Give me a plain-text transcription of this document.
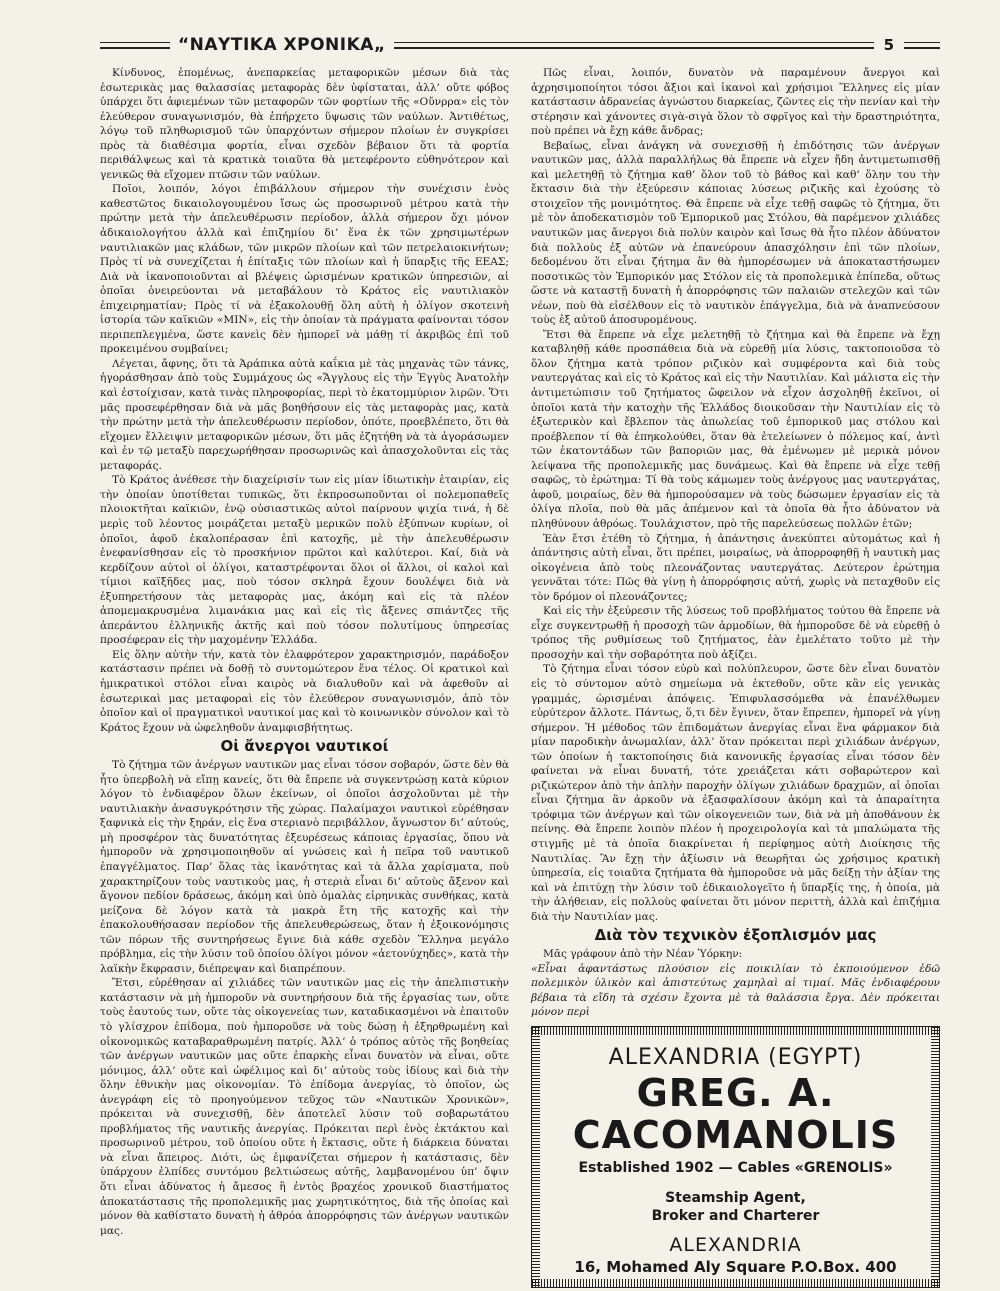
“ΝΑΥΤΙΚΑ ΧΡΟΝΙΚΑ„	5

Κίνδυνος, ἑπομένως, ἀνεπαρκείας μεταφορικῶν μέσων διὰ τὰς ἐσωτερικὰς μας θαλασσίας μεταφορὰς δὲν ὑφίσταται, ἀλλ’ οὔτε φόβος ὑπάρχει ὅτι ἀφιεμένων τῶν μεταφορῶν τῶν φορτίων τῆς «Οὔνρρα» εἰς τὸν ἐλεύθερον συναγωνισμόν, θὰ ἐπήρχετο ὕψωσις τῶν ναύλων. Ἀντιθέτως, λόγῳ τοῦ πληθωρισμοῦ τῶν ὑπαρχόντων σήμερον πλοίων ἐν συγκρίσει πρὸς τὰ διαθέσιμα φορτία, εἶναι σχεδὸν βέβαιον ὅτι τὰ φορτία περιθάλψεως καὶ τὰ κρατικὰ τοιαῦτα θὰ μετεφέροντο εὐθηνότερον καὶ γενικῶς θὰ εἴχομεν πτῶσιν τῶν ναύλων.

Ποῖοι, λοιπόν, λόγοι ἐπιβάλλουν σήμερον τὴν συνέχισιν ἑνὸς καθεστῶτος δικαιολογουμένου ἴσως ὡς προσωρινοῦ μέτρου κατὰ τὴν πρώτην μετὰ τὴν ἀπελευθέρωσιν περίοδον, ἀλλὰ σήμερον ὄχι μόνον ἀδικαιολογήτου ἀλλὰ καὶ ἐπιζημίου δι’ ἕνα ἐκ τῶν χρησιμωτέρων ναυτιλιακῶν μας κλάδων, τῶν μικρῶν πλοίων καὶ τῶν πετρελαιοκινήτων; Πρὸς τί νὰ συνεχίζεται ἡ ἐπίταξις τῶν πλοίων καὶ ἡ ὕπαρξις τῆς ΕΕΑΣ; Διὰ νὰ ἱκανοποιοῦνται αἱ βλέψεις ὡρισμένων κρατικῶν ὑπηρεσιῶν, αἱ ὁποῖαι ὀνειρεύονται νὰ μεταβάλουν τὸ Κράτος εἰς ναυτιλιακὸν ἐπιχειρηματίαν; Πρὸς τί νὰ ἐξακολουθῇ ὅλη αὐτὴ ἡ ὀλίγον σκοτεινὴ ἱστορία τῶν καϊκιῶν «ΜΙΝ», εἰς τὴν ὁποίαν τὰ πράγματα φαίνονται τόσον περιπεπλεγμένα, ὥστε κανεὶς δὲν ἠμπορεῖ νὰ μάθῃ τί ἀκριβῶς ἐπὶ τοῦ προκειμένου συμβαίνει;

Λέγεται, ἄφνης, ὅτι τὰ Ἀράπικα αὐτὰ καΐκια μὲ τὰς μηχανὰς τῶν τάνκς, ἠγοράσθησαν ἀπὸ τοὺς Συμμάχους ὡς «Ἄγγλους εἰς τὴν Ἐγγὺς Ἀνατολὴν καὶ ἐστοίχισαν, κατὰ τινὰς πληροφορίας, περὶ τὸ ἑκατομμύριον λιρῶν. Ὅτι μᾶς προσεφέρθησαν διὰ νὰ μᾶς βοηθήσουν εἰς τὰς μεταφορὰς μας, κατὰ τὴν πρώτην μετὰ τὴν ἀπελευθέρωσιν περίοδον, ὁπότε, προεβλέπετο, ὅτι θὰ εἴχομεν ἔλλειψιν μεταφορικῶν μέσων, ὅτι μᾶς ἐζητήθη νὰ τὰ ἀγοράσωμεν καὶ ἐν τῷ μεταξὺ παρεχωρήθησαν προσωρινῶς καὶ ἀπασχολοῦνται εἰς τὰς μεταφοράς.

Τὸ Κράτος ἀνέθεσε τὴν διαχείρισίν των εἰς μίαν ἰδιωτικὴν ἑταιρίαν, εἰς τὴν ὁποίαν ὑποτίθεται τυπικῶς, ὅτι ἐκπροσωποῦνται οἱ πολεμοπαθεῖς πλοιοκτῆται καϊκιῶν, ἐνῷ οὐσιαστικῶς αὐτοὶ παίρνουν ψιχία τινά, ἡ δὲ μερὶς τοῦ λέοντος μοιράζεται μεταξὺ μερικῶν πολὺ ἐξύπνων κυρίων, οἱ ὁποῖοι, ἀφοῦ ἐκαλοπέρασαν ἐπὶ κατοχῆς, μὲ τὴν ἀπελευθέρωσιν ἐνεφανίσθησαν εἰς τὸ προσκήνιον πρῶτοι καὶ καλύτεροι. Καί, διὰ νὰ κερδίζουν αὐτοὶ οἱ ὀλίγοι, καταστρέφονται ὅλοι οἱ ἄλλοι, οἱ καλοὶ καὶ τίμιοι καϊξῆδες μας, ποὺ τόσον σκληρὰ ἔχουν δουλέψει διὰ νὰ ἐξυπηρετήσουν τὰς μεταφορὰς μας, ἀκόμη καὶ εἰς τὰ πλέον ἀπομεμακρυσμένα λιμανάκια μας καὶ εἰς τὶς ἄξενες σπιάντζες τῆς ἀπεράντου ἑλληνικῆς ἀκτῆς καὶ ποὺ τόσον πολυτίμους ὑπηρεσίας προσέφεραν εἰς τὴν μαχομένην Ἑλλάδα.

Εἰς ὅλην αὐτὴν τήν, κατὰ τὸν ἐλαφρότερον χαρακτηρισμόν, παράδοξον κατάστασιν πρέπει νὰ δοθῇ τὸ συντομώτερον ἕνα τέλος. Οἱ κρατικοὶ καὶ ἡμικρατικοὶ στόλοι εἶναι καιρὸς νὰ διαλυθοῦν καὶ νὰ ἀφεθοῦν αἱ ἐσωτερικαὶ μας μεταφοραὶ εἰς τὸν ἐλεύθερον συναγωνισμόν, ἀπὸ τὸν ὁποῖον καὶ οἱ πραγματικοὶ ναυτικοί μας καὶ τὸ κοινωνικὸν σύνολον καὶ τὸ Κράτος ἔχουν νὰ ὠφεληθοῦν ἀναμφισβήτητως.

Οἱ ἄνεργοι ναυτικοί

Τὸ ζήτημα τῶν ἀνέργων ναυτικῶν μας εἶναι τόσον σοβαρόν, ὥστε δὲν θὰ ἦτο ὑπερβολὴ νὰ εἴπῃ κανείς, ὅτι θὰ ἔπρεπε νὰ συγκεντρώσῃ κατὰ κύριον λόγον τὸ ἐνδιαφέρον ὅλων ἐκείνων, οἱ ὁποῖοι ἀσχολοῦνται μὲ τὴν ναυτιλιακὴν ἀνασυγκρότησιν τῆς χώρας. Παλαίμαχοι ναυτικοὶ εὑρέθησαν ξαφνικὰ εἰς τὴν ξηράν, εἰς ἕνα στεριανὸ περιβάλλον, ἄγνωστον δι’ αὐτούς, μὴ προσφέρον τὰς δυνατότητας ἐξευρέσεως κάποιας ἐργασίας, ὅπου νὰ ἠμποροῦν νὰ χρησιμοποιηθοῦν αἱ γνώσεις καὶ ἡ πεῖρα τοῦ ναυτικοῦ ἐπαγγέλματος. Παρ’ ὅλας τὰς ἱκανότητας καὶ τὰ ἄλλα χαρίσματα, ποὺ χαρακτηρίζουν τοὺς ναυτικοὺς μας, ἡ στεριὰ εἶναι δι’ αὐτοὺς ἄξενον καὶ ἄγονον πεδίον δράσεως, ἀκόμη καὶ ὑπὸ ὁμαλὰς εἰρηνικὰς συνθήκας, κατὰ μείζονα δὲ λόγον κατὰ τὰ μακρὰ ἔτη τῆς κατοχῆς καὶ τὴν ἐπακολουθήσασαν περίοδον τῆς ἀπελευθερώσεως, ὅταν ἡ ἐξοικονόμησις τῶν πόρων τῆς συντηρήσεως ἔγινε διὰ κάθε σχεδὸν Ἕλληνα μεγάλο πρόβλημα, εἰς τὴν λύσιν τοῦ ὁποίου ὀλίγοι μόνον «ἀετονύχηδες», κατὰ τὴν λαϊκὴν ἔκφρασιν, διέπρεψαν καὶ διαπρέπουν.

Ἔτσι, εὑρέθησαν αἱ χιλιάδες τῶν ναυτικῶν μας εἰς τὴν ἀπελπιστικὴν κατάστασιν νὰ μὴ ἠμποροῦν νὰ συντηρήσουν διὰ τῆς ἐργασίας των, οὔτε τοὺς ἑαυτούς των, οὔτε τὰς οἰκογενείας των, καταδικασμένοι νὰ ἐπαιτοῦν τὸ γλίσχρον ἐπίδομα, ποὺ ἠμποροῦσε νὰ τοὺς δώσῃ ἡ ἐξηρθρωμένη καὶ οἰκονομικῶς καταβαραθρωμένη πατρίς. Ἀλλ’ ὁ τρόπος αὐτὸς τῆς βοηθείας τῶν ἀνέργων ναυτικῶν μας οὔτε ἐπαρκὴς εἶναι δυνατὸν νὰ εἶναι, οὔτε μόνιμος, ἀλλ’ οὔτε καὶ ὠφέλιμος καὶ δι’ αὐτοὺς τοὺς ἰδίους καὶ διὰ τὴν ὅλην ἐθνικὴν μας οἰκονομίαν. Τὸ ἐπίδομα ἀνεργίας, τὸ ὁποῖον, ὡς ἀνεγράφη εἰς τὸ προηγούμενον τεῦχος τῶν «Ναυτικῶν Χρονικῶν», πρόκειται νὰ συνεχισθῇ, δὲν ἀποτελεῖ λύσιν τοῦ σοβαρωτάτου προβλήματος τῆς ναυτικῆς ἀνεργίας. Πρόκειται περὶ ἑνὸς ἐκτάκτου καὶ προσωρινοῦ μέτρου, τοῦ ὁποίου οὔτε ἡ ἔκτασις, οὔτε ἡ διάρκεια δύναται νὰ εἶναι ἄπειρος. Διότι, ὡς ἐμφανίζεται σήμερον ἡ κατάστασις, δὲν ὑπάρχουν ἐλπίδες συντόμου βελτιώσεως αὐτῆς, λαμβανομένου ὑπ’ ὄψιν ὅτι εἶναι ἀδύνατος ἡ ἄμεσος ἢ ἐντὸς βραχέος χρονικοῦ διαστήματος ἀποκατάστασις τῆς προπολεμικῆς μας χωρητικότητος, διὰ τῆς ὁποίας καὶ μόνον θὰ καθίστατο δυνατὴ ἡ ἀθρόα ἀπορρόφησις τῶν ἀνέργων ναυτικῶν μας.

Πῶς εἶναι, λοιπόν, δυνατὸν νὰ παραμένουν ἄνεργοι καὶ ἀχρησιμοποίητοι τόσοι ἄξιοι καὶ ἱκανοὶ καὶ χρήσιμοι Ἕλληνες εἰς μίαν κατάστασιν ἀδρανείας ἀγνώστου διαρκείας, ζῶντες εἰς τὴν πενίαν καὶ τὴν στέρησιν καὶ χάνοντες σιγὰ-σιγὰ ὅλον τὸ σφρῖγος καὶ τὴν δραστηριότητα, ποὺ πρέπει νὰ ἔχῃ κάθε ἄνδρας;

Βεβαίως, εἶναι ἀνάγκη νὰ συνεχισθῇ ἡ ἐπιδότησις τῶν ἀνέργων ναυτικῶν μας, ἀλλὰ παραλλήλως θὰ ἔπρεπε νὰ εἶχεν ἤδη ἀντιμετωπισθῇ καὶ μελετηθῇ τὸ ζήτημα καθ’ ὅλον τοῦ τὸ βάθος καὶ καθ’ ὅλην του τὴν ἔκτασιν διὰ τὴν ἐξεύρεσιν κάποιας λύσεως ριζικῆς καὶ ἐχούσης τὸ στοιχεῖον τῆς μονιμότητος. Θὰ ἔπρεπε νὰ εἶχε τεθῇ σαφῶς τὸ ζήτημα, ὅτι μὲ τὸν ἀποδεκατισμὸν τοῦ Ἐμπορικοῦ μας Στόλου, θὰ παρέμενον χιλιάδες ναυτικῶν μας ἄνεργοι διὰ πολὺν καιρὸν καὶ ἴσως θὰ ἦτο πλέον ἀδύνατον διὰ πολλοὺς ἐξ αὐτῶν νὰ ἐπανεύρουν ἀπασχόλησιν ἐπὶ τῶν πλοίων, δεδομένου ὅτι εἶναι ζήτημα ἂν θὰ ἠμπορέσωμεν νὰ ἀποκαταστήσωμεν ποσοτικῶς τὸν Ἐμπορικόν μας Στόλον εἰς τὰ προπολεμικὰ ἐπίπεδα, οὕτως ὥστε νὰ καταστῇ δυνατὴ ἡ ἀπορρόφησις τῶν παλαιῶν στελεχῶν καὶ τῶν νέων, ποὺ θὰ εἰσέλθουν εἰς τὸ ναυτικὸν ἐπάγγελμα, διὰ νὰ ἀναπνεύσουν τοὺς ἐξ αὐτοῦ ἀποσυρομένους.

Ἔτσι θὰ ἔπρεπε νὰ εἶχε μελετηθῇ τὸ ζήτημα καὶ θὰ ἔπρεπε νὰ ἔχῃ καταβληθῇ κάθε προσπάθεια διὰ νὰ εὑρεθῇ μία λύσις, τακτοποιοῦσα τὸ ὅλον ζήτημα κατὰ τρόπον ριζικὸν καὶ συμφέροντα καὶ διὰ τοὺς ναυτεργάτας καὶ εἰς τὸ Κράτος καὶ εἰς τὴν Ναυτιλίαν. Καὶ μάλιστα εἰς τὴν ἀντιμετώπισιν τοῦ ζητήματος ὤφειλον νὰ εἶχον ἀσχοληθῇ ἐκεῖνοι, οἱ ὁποῖοι κατὰ τὴν κατοχὴν τῆς Ἑλλάδος διοικοῦσαν τὴν Ναυτιλίαν εἰς τὸ ἐξωτερικὸν καὶ ἔβλεπον τὰς ἀπωλείας τοῦ ἐμπορικοῦ μας στόλου καὶ προέβλεπον τί θὰ ἐπηκολούθει, ὅταν θὰ ἐτελείωνεν ὁ πόλεμος καί, ἀντὶ τῶν ἑκατοντάδων τῶν βαποριῶν μας, θὰ ἐμένωμεν μὲ μερικὰ μόνον λείψανα τῆς προπολεμικῆς μας δυνάμεως. Καὶ θὰ ἔπρεπε νὰ εἶχε τεθῇ σαφῶς, τὸ ἐρώτημα: Τί θὰ τοὺς κάμωμεν τοὺς ἀνέργους μας ναυτεργάτας, ἀφοῦ, μοιραίως, δὲν θὰ ἠμπορούσαμεν νὰ τοὺς δώσωμεν ἐργασίαν εἰς τὰ ὀλίγα πλοῖα, ποὺ θὰ μᾶς ἀπέμενον καὶ τὰ ὁποῖα θὰ ἦτο ἀδύνατον νὰ πληθύνουν ἀθρόως. Τουλάχιστον, πρὸ τῆς παρελεύσεως πολλῶν ἐτῶν;

Ἐὰν ἔτσι ἐτέθη τὸ ζήτημα, ἡ ἀπάντησις ἀνεκύπτει αὐτομάτως καὶ ἡ ἀπάντησις αὐτὴ εἶναι, ὅτι πρέπει, μοιραίως, νὰ ἀπορροφηθῇ ἡ ναυτικὴ μας οἰκογένεια ἀπὸ τοὺς πλεονάζοντας ναυτεργάτας. Δεύτερον ἐρώτημα γεννᾶται τότε: Πῶς θὰ γίνῃ ἡ ἀπορρόφησις αὐτή, χωρὶς νὰ πεταχθοῦν εἰς τὸν δρόμον οἱ πλεονάζοντες;

Καὶ εἰς τὴν ἐξεύρεσιν τῆς λύσεως τοῦ προβλήματος τούτου θὰ ἔπρεπε νὰ εἶχε συγκεντρωθῇ ἡ προσοχὴ τῶν ἁρμοδίων, θὰ ἠμποροῦσε δὲ νὰ εὑρεθῇ ὁ τρόπος τῆς ρυθμίσεως τοῦ ζητήματος, ἐὰν ἐμελέτατο τοῦτο μὲ τὴν προσοχὴν καὶ τὴν σοβαρότητα ποὺ ἀξίζει.

Τὸ ζήτημα εἶναι τόσον εὐρὺ καὶ πολύπλευρον, ὥστε δὲν εἶναι δυνατὸν εἰς τὸ σύντομον αὐτὸ σημείωμα νὰ ἐκτεθοῦν, οὔτε κἂν εἰς γενικὰς γραμμάς, ὡρισμέναι ἀπόψεις. Ἐπιφυλασσόμεθα νὰ ἐπανέλθωμεν εὐρύτερον ἄλλοτε. Πάντως, ὅ,τι δὲν ἔγινεν, ὅταν ἔπρεπεν, ἠμπορεῖ νὰ γίνῃ σήμερον. Ἡ μέθοδος τῶν ἐπιδομάτων ἀνεργίας εἶναι ἕνα φάρμακον διὰ μίαν παροδικὴν ἀνωμαλίαν, ἀλλ’ ὅταν πρόκειται περὶ χιλιάδων ἀνέργων, τῶν ὁποίων ἡ τακτοποίησις διὰ κανονικῆς ἐργασίας εἶναι τόσον δὲν φαίνεται νὰ εἶναι δυνατή, τότε χρειάζεται κάτι σοβαρώτερον καὶ ριζικώτερον ἀπὸ τὴν ἁπλὴν παροχὴν ὀλίγων χιλιάδων δραχμῶν, αἱ ὁποῖαι εἶναι ζήτημα ἂν ἀρκοῦν νὰ ἐξασφαλίσουν ἀκόμη καὶ τὰ ἀπαραίτητα τρόφιμα τῶν ἀνέργων καὶ τῶν οἰκογενειῶν των, διὰ νὰ μὴ ἀποθάνουν ἐκ πείνης. Θὰ ἔπρεπε λοιπὸν πλέον ἡ προχειρολογία καὶ τὰ μπαλώματα τῆς στιγμῆς μὲ τὰ ὁποῖα διακρίνεται ἡ περίφημος αὐτὴ Διοίκησις τῆς Ναυτιλίας. Ἂν ἔχῃ τὴν ἀξίωσιν νὰ θεωρῆται ὡς χρήσιμος κρατικὴ ὑπηρεσία, εἰς τοιαῦτα ζητήματα θὰ ἠμποροῦσε νὰ μᾶς δείξῃ τὴν ἀξίαν της καὶ νὰ ἐπιτύχῃ τὴν λύσιν τοῦ ἐδικαιολογεῖτο ἡ ὕπαρξίς της, ἡ ὁποία, μὰ τὴν ἀλήθειαν, εἰς πολλοὺς φαίνεται ὅτι μόνον περιττὴ, ἀλλὰ καὶ ἐπιζήμια διὰ τὴν Ναυτιλίαν μας.

Διὰ τὸν τεχνικὸν ἐξοπλισμόν μας

Μᾶς γράφουν ἀπὸ τὴν Νέαν Ὑόρκην:

«Εἶναι ἀφαντάστως πλούσιον εἰς ποικιλίαν τὸ ἐκποιούμενον ἐδῶ πολεμικὸν ὑλικὸν καὶ ἀπιστεύτως χαμηλαὶ αἱ τιμαί. Μᾶς ἐνδιαφέρουν βέβαια τὰ εἴδη τὰ σχέσιν ἔχοντα μὲ τὰ θαλάσσια ἔργα. Δὲν πρόκειται μόνον περὶ

ALEXANDRIA (EGYPT)
GREG. A. CACOMANOLIS
Established 1902 — Cables «GRENOLIS»
Steamship Agent,
Broker and Charterer
ALEXANDRIA
16, Mohamed Aly Square P.O.Box. 400
